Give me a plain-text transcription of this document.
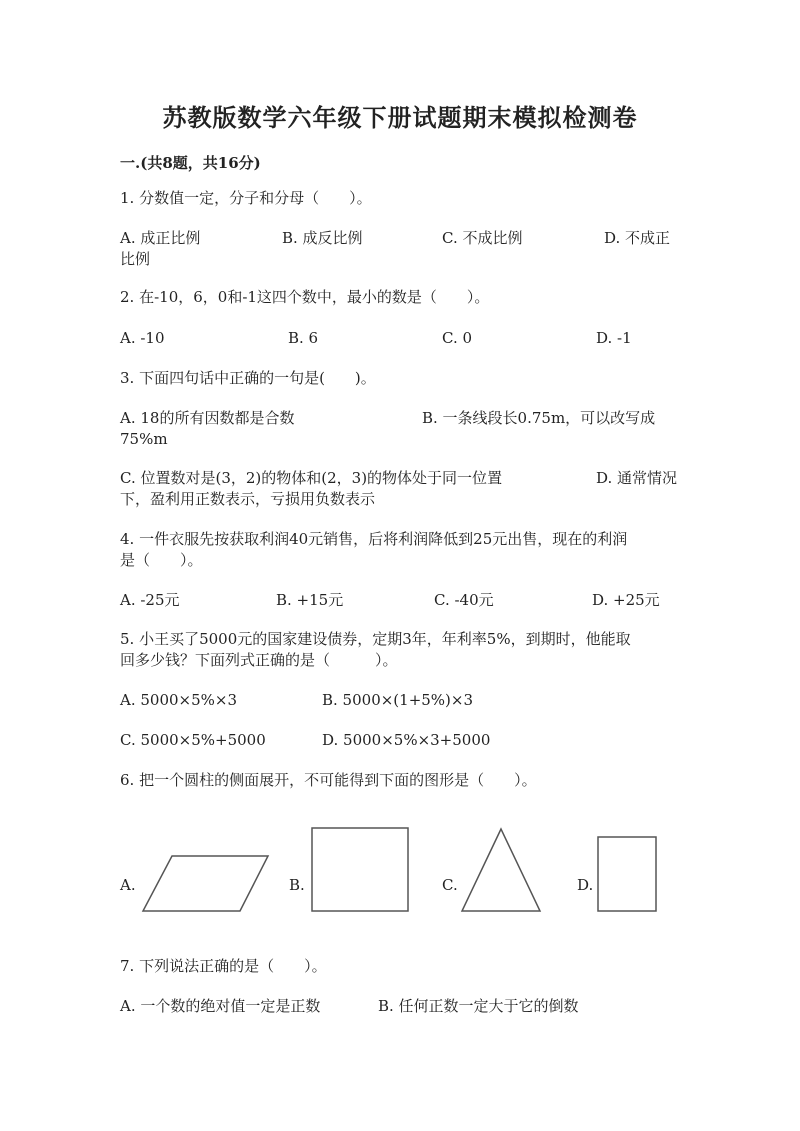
苏教版数学六年级下册试题期末模拟检测卷
一.(共8题，共16分)
1. 分数值一定，分子和分母（　　）。
A. 成正比例	B. 成反比例	C. 不成比例	D. 不成正
比例
2. 在-10，6，0和-1这四个数中，最小的数是（　　）。
A. -10	B. 6	C. 0	D. -1
3. 下面四句话中正确的一句是(　　)。
A. 18的所有因数都是合数	B. 一条线段长0.75m，可以改写成
75%m
C. 位置数对是(3，2)的物体和(2，3)的物体处于同一位置	D. 通常情况
下，盈利用正数表示，亏损用负数表示
4. 一件衣服先按获取利润40元销售，后将利润降低到25元出售，现在的利润
是（　　）。
A. -25元	B. +15元	C. -40元	D. +25元
5. 小王买了5000元的国家建设债券，定期3年，年利率5%，到期时，他能取
回多少钱？下面列式正确的是（　　　）。
A. 5000×5%×3	B. 5000×(1+5%)×3
C. 5000×5%+5000	D. 5000×5%×3+5000
6. 把一个圆柱的侧面展开，不可能得到下面的图形是（　　）。
A.	B.	C.	D.
7. 下列说法正确的是（　　）。
A. 一个数的绝对值一定是正数	B. 任何正数一定大于它的倒数
